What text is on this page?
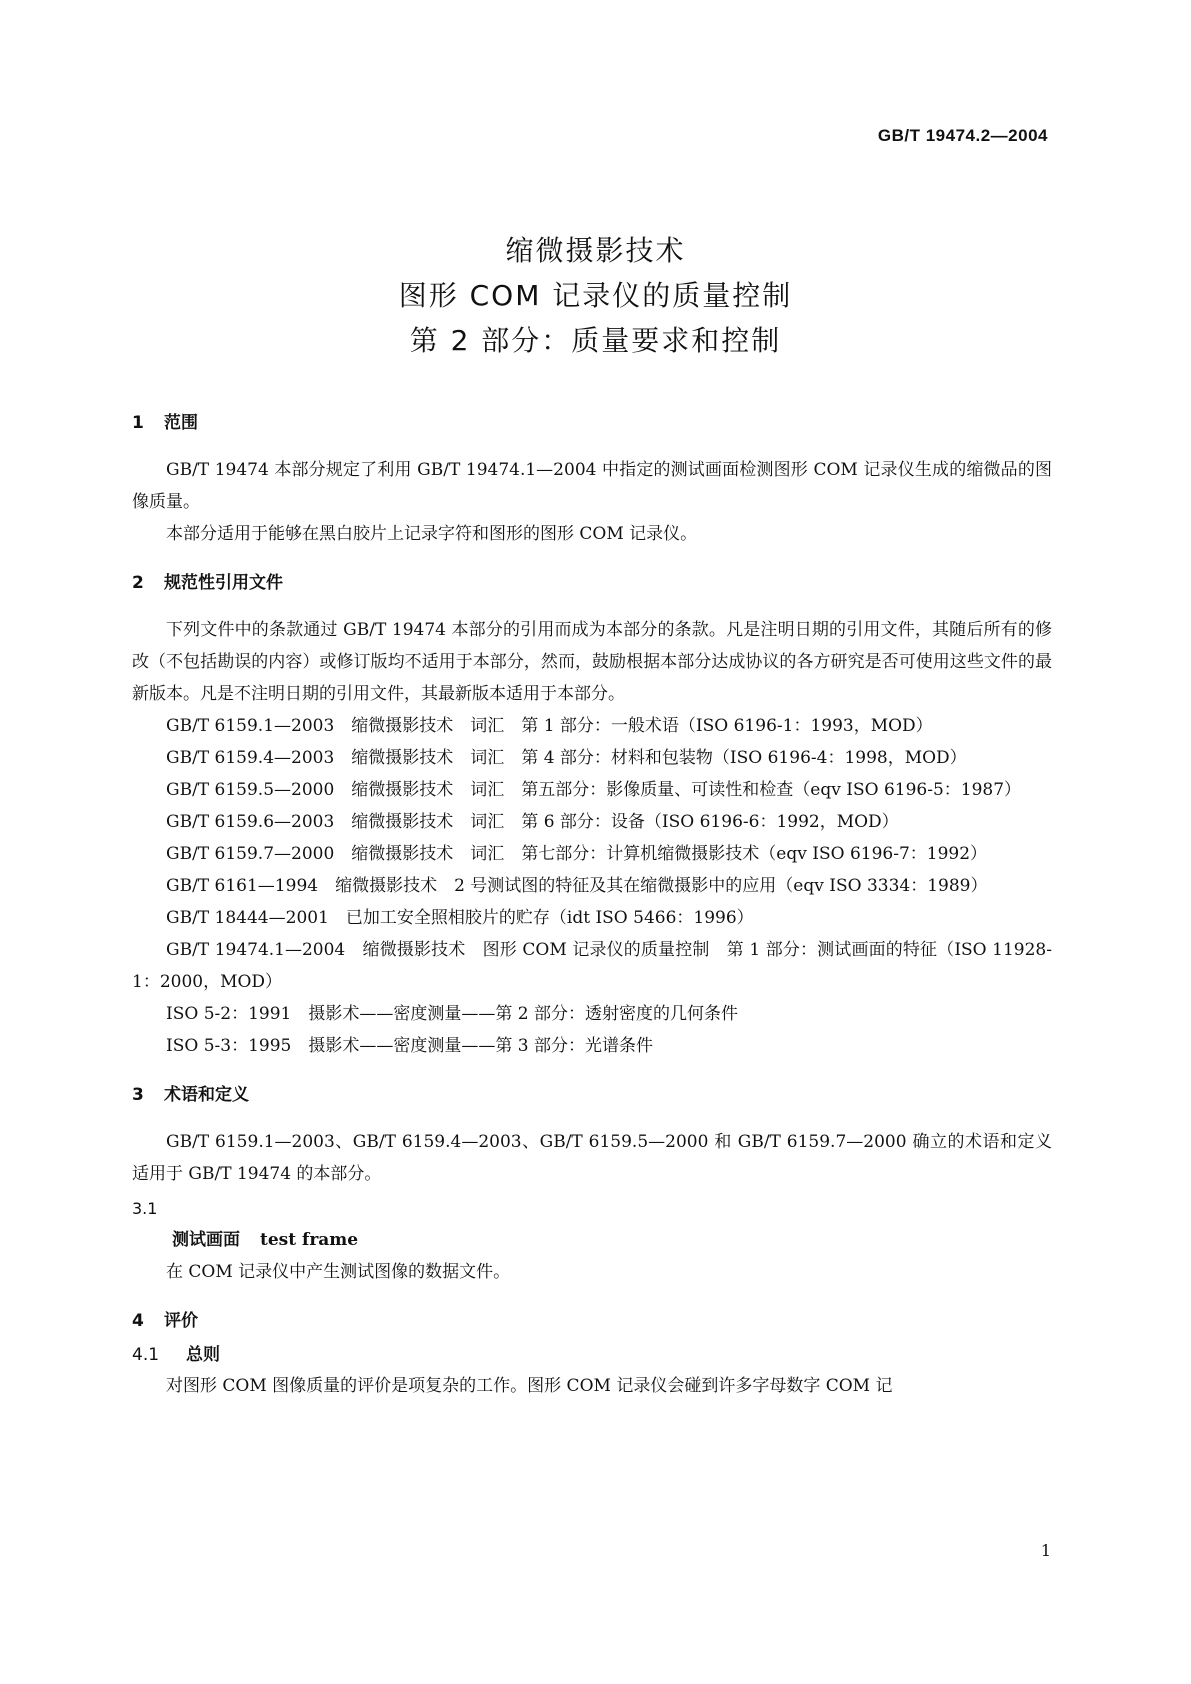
GB/T 19474.2—2004
缩微摄影技术
图形 COM 记录仪的质量控制
第 2 部分：质量要求和控制
1 范围

GB/T 19474 本部分规定了利用 GB/T 19474.1—2004 中指定的测试画面检测图形 COM 记录仪生成的缩微品的图像质量。

本部分适用于能够在黑白胶片上记录字符和图形的图形 COM 记录仪。

2 规范性引用文件

下列文件中的条款通过 GB/T 19474 本部分的引用而成为本部分的条款。凡是注明日期的引用文件，其随后所有的修改（不包括勘误的内容）或修订版均不适用于本部分，然而，鼓励根据本部分达成协议的各方研究是否可使用这些文件的最新版本。凡是不注明日期的引用文件，其最新版本适用于本部分。

GB/T 6159.1—2003　缩微摄影技术　词汇　第 1 部分：一般术语（ISO 6196-1：1993，MOD）

GB/T 6159.4—2003　缩微摄影技术　词汇　第 4 部分：材料和包装物（ISO 6196-4：1998，MOD）

GB/T 6159.5—2000　缩微摄影技术　词汇　第五部分：影像质量、可读性和检查（eqv ISO 6196-5：1987）

GB/T 6159.6—2003　缩微摄影技术　词汇　第 6 部分：设备（ISO 6196-6：1992，MOD）

GB/T 6159.7—2000　缩微摄影技术　词汇　第七部分：计算机缩微摄影技术（eqv ISO 6196-7：1992）

GB/T 6161—1994　缩微摄影技术　2 号测试图的特征及其在缩微摄影中的应用（eqv ISO 3334：1989）

GB/T 18444—2001　已加工安全照相胶片的贮存（idt ISO 5466：1996）

GB/T 19474.1—2004　缩微摄影技术　图形 COM 记录仪的质量控制　第 1 部分：测试画面的特征（ISO 11928-1：2000，MOD）

ISO 5-2：1991　摄影术——密度测量——第 2 部分：透射密度的几何条件

ISO 5-3：1995　摄影术——密度测量——第 3 部分：光谱条件

3 术语和定义

GB/T 6159.1—2003、GB/T 6159.4—2003、GB/T 6159.5—2000 和 GB/T 6159.7—2000 确立的术语和定义适用于 GB/T 19474 的本部分。

3.1
测试画面 test frame

在 COM 记录仪中产生测试图像的数据文件。

4 评价
4.1 总则

对图形 COM 图像质量的评价是项复杂的工作。图形 COM 记录仪会碰到许多字母数字 COM 记

1
